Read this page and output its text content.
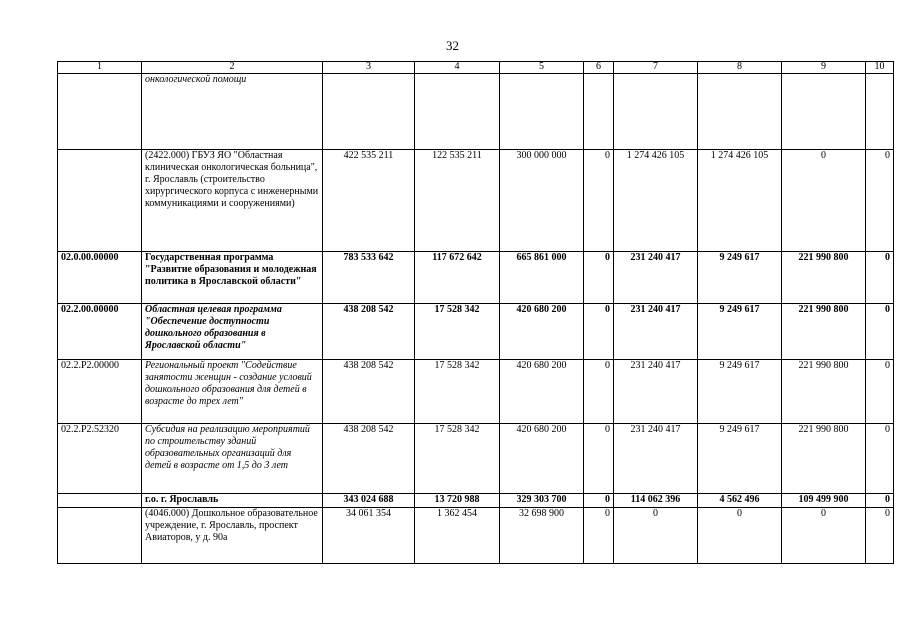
32
1	2	3	4	5	6	7	8	9	10
	онкологической помощи								
	(2422.000) ГБУЗ ЯО "Областная клиническая онкологическая больница", г. Ярославль (строительство хирургического корпуса с инженерными коммуникациями и сооружениями)	422 535 211	122 535 211	300 000 000	0	1 274 426 105	1 274 426 105	0	0
02.0.00.00000	Государственная программа "Развитие образования и молодежная политика в Ярославской области"	783 533 642	117 672 642	665 861 000	0	231 240 417	9 249 617	221 990 800	0
02.2.00.00000	Областная целевая программа "Обеспечение доступности дошкольного образования в Ярославской области"	438 208 542	17 528 342	420 680 200	0	231 240 417	9 249 617	221 990 800	0
02.2.P2.00000	Региональный проект "Содействие занятости женщин - создание условий дошкольного образования для детей в возрасте до трех лет"	438 208 542	17 528 342	420 680 200	0	231 240 417	9 249 617	221 990 800	0
02.2.P2.52320	Субсидия на реализацию мероприятий по строительству зданий образовательных организаций для детей в возрасте от 1,5 до 3 лет	438 208 542	17 528 342	420 680 200	0	231 240 417	9 249 617	221 990 800	0
	г.о. г. Ярославль	343 024 688	13 720 988	329 303 700	0	114 062 396	4 562 496	109 499 900	0
	(4046.000) Дошкольное образовательное учреждение, г. Ярославль, проспект Авиаторов, у д. 90а	34 061 354	1 362 454	32 698 900	0	0	0	0	0
